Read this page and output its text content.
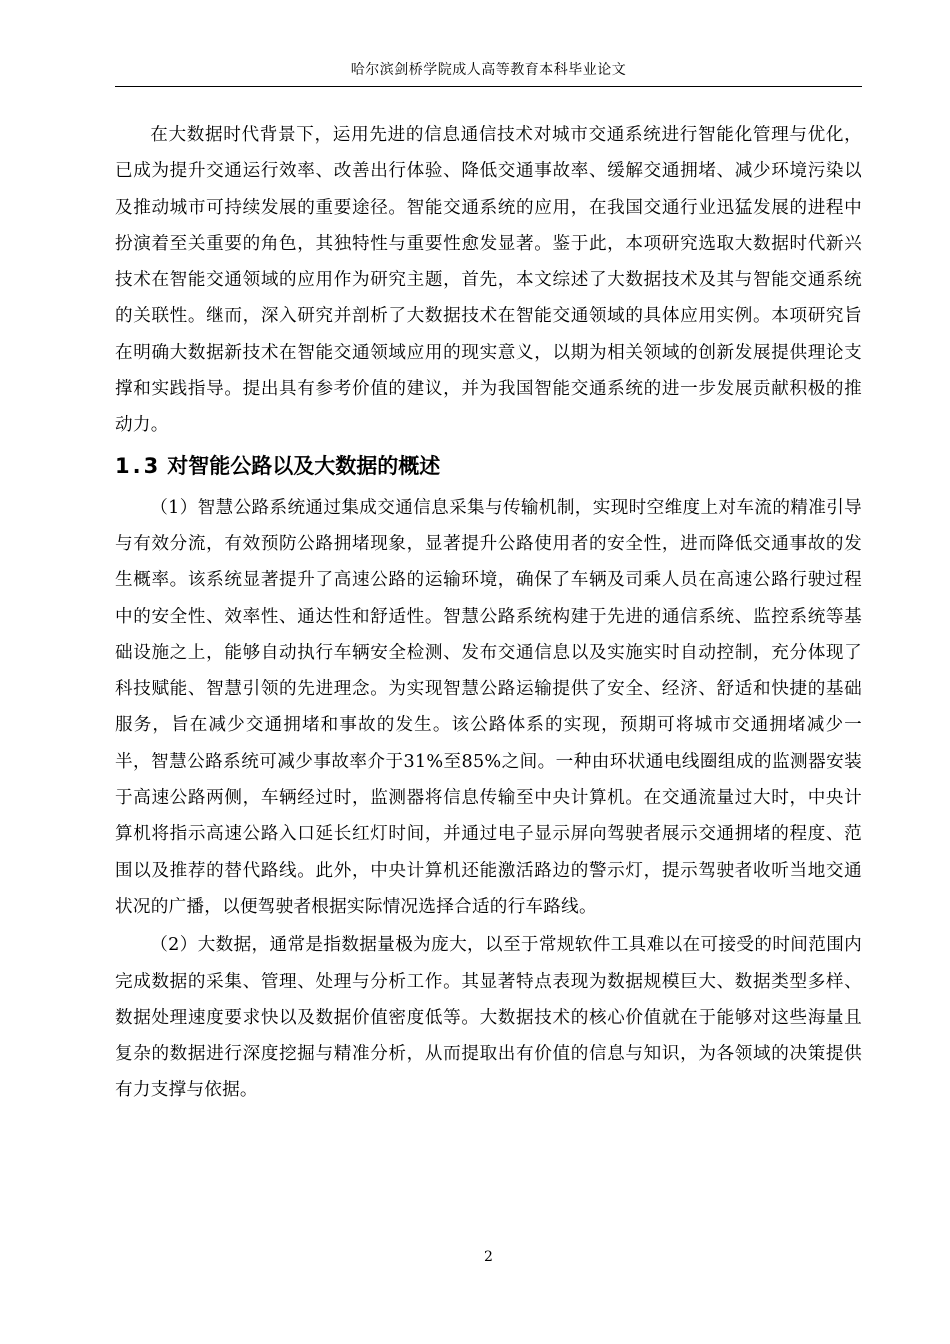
哈尔滨剑桥学院成人高等教育本科毕业论文

在大数据时代背景下，运用先进的信息通信技术对城市交通系统进行智能化管理与优化，已成为提升交通运行效率、改善出行体验、降低交通事故率、缓解交通拥堵、减少环境污染以及推动城市可持续发展的重要途径。智能交通系统的应用，在我国交通行业迅猛发展的进程中扮演着至关重要的角色，其独特性与重要性愈发显著。鉴于此，本项研究选取大数据时代新兴技术在智能交通领域的应用作为研究主题，首先，本文综述了大数据技术及其与智能交通系统的关联性。继而，深入研究并剖析了大数据技术在智能交通领域的具体应用实例。本项研究旨在明确大数据新技术在智能交通领域应用的现实意义，以期为相关领域的创新发展提供理论支撑和实践指导。提出具有参考价值的建议，并为我国智能交通系统的进一步发展贡献积极的推动力。

1.3 对智能公路以及大数据的概述

（1）智慧公路系统通过集成交通信息采集与传输机制，实现时空维度上对车流的精准引导与有效分流，有效预防公路拥堵现象，显著提升公路使用者的安全性，进而降低交通事故的发生概率。该系统显著提升了高速公路的运输环境，确保了车辆及司乘人员在高速公路行驶过程中的安全性、效率性、通达性和舒适性。智慧公路系统构建于先进的通信系统、监控系统等基础设施之上，能够自动执行车辆安全检测、发布交通信息以及实施实时自动控制，充分体现了科技赋能、智慧引领的先进理念。为实现智慧公路运输提供了安全、经济、舒适和快捷的基础服务，旨在减少交通拥堵和事故的发生。该公路体系的实现，预期可将城市交通拥堵减少一半，智慧公路系统可减少事故率介于31%至85%之间。一种由环状通电线圈组成的监测器安装于高速公路两侧，车辆经过时，监测器将信息传输至中央计算机。在交通流量过大时，中央计算机将指示高速公路入口延长红灯时间，并通过电子显示屏向驾驶者展示交通拥堵的程度、范围以及推荐的替代路线。此外，中央计算机还能激活路边的警示灯，提示驾驶者收听当地交通状况的广播，以便驾驶者根据实际情况选择合适的行车路线。

（2）大数据，通常是指数据量极为庞大，以至于常规软件工具难以在可接受的时间范围内完成数据的采集、管理、处理与分析工作。其显著特点表现为数据规模巨大、数据类型多样、数据处理速度要求快以及数据价值密度低等。大数据技术的核心价值就在于能够对这些海量且复杂的数据进行深度挖掘与精准分析，从而提取出有价值的信息与知识，为各领域的决策提供有力支撑与依据。

2
